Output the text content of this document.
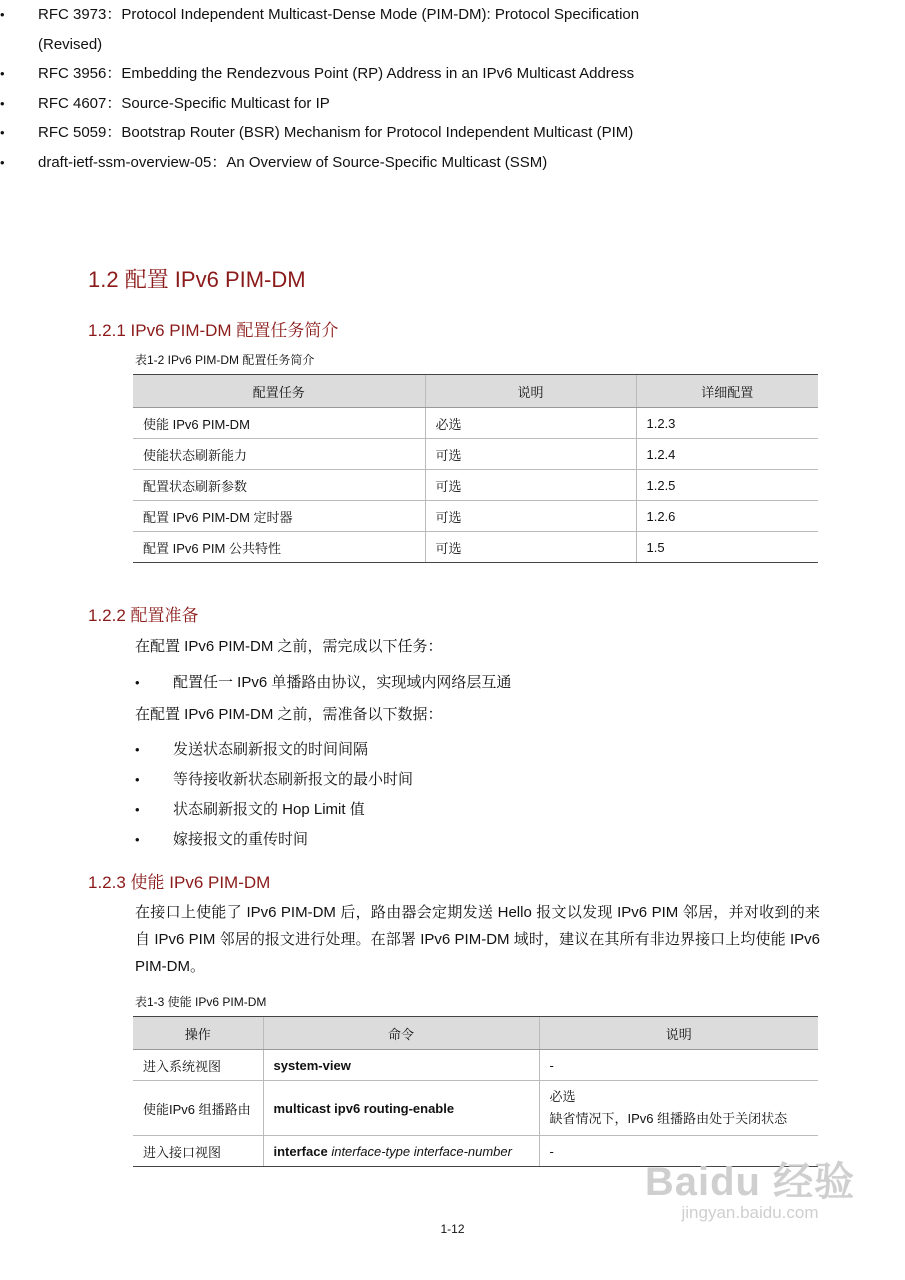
• RFC 3973：Protocol Independent Multicast-Dense Mode (PIM-DM): Protocol Specification (Revised)
• RFC 3956：Embedding the Rendezvous Point (RP) Address in an IPv6 Multicast Address
• RFC 4607：Source-Specific Multicast for IP
• RFC 5059：Bootstrap Router (BSR) Mechanism for Protocol Independent Multicast (PIM)
• draft-ietf-ssm-overview-05：An Overview of Source-Specific Multicast (SSM)
1.2 配置 IPv6 PIM-DM
1.2.1 IPv6 PIM-DM 配置任务简介
表1-2 IPv6 PIM-DM 配置任务简介
配置任务	说明	详细配置
使能 IPv6 PIM-DM	必选	1.2.3
使能状态刷新能力	可选	1.2.4
配置状态刷新参数	可选	1.2.5
配置 IPv6 PIM-DM 定时器	可选	1.2.6
配置 IPv6 PIM 公共特性	可选	1.5
1.2.2 配置准备
在配置 IPv6 PIM-DM 之前，需完成以下任务：
• 配置任一 IPv6 单播路由协议，实现域内网络层互通
在配置 IPv6 PIM-DM 之前，需准备以下数据：
• 发送状态刷新报文的时间间隔
• 等待接收新状态刷新报文的最小时间
• 状态刷新报文的 Hop Limit 值
• 嫁接报文的重传时间
1.2.3 使能 IPv6 PIM-DM
在接口上使能了 IPv6 PIM-DM 后，路由器会定期发送 Hello 报文以发现 IPv6 PIM 邻居，并对收到的来自 IPv6 PIM 邻居的报文进行处理。在部署 IPv6 PIM-DM 域时，建议在其所有非边界接口上均使能 IPv6 PIM-DM。
表1-3 使能 IPv6 PIM-DM
操作	命令	说明
进入系统视图	system-view	-
使能IPv6 组播路由	multicast ipv6 routing-enable	必选
缺省情况下，IPv6 组播路由处于关闭状态

进入接口视图	interface interface-type interface-number	-
1-12
Baidu 经验
jingyan.baidu.com
